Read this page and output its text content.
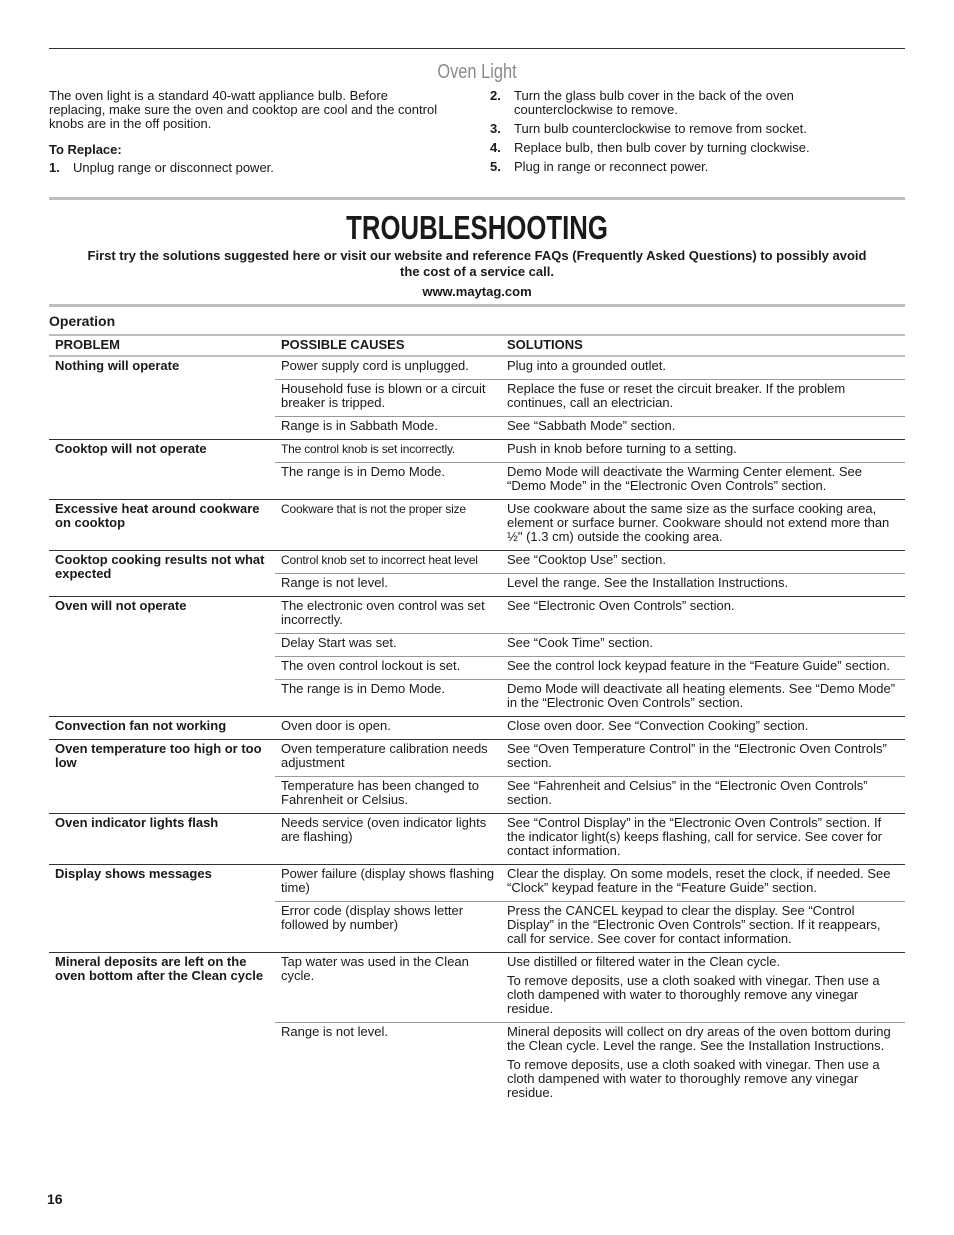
Oven Light

The oven light is a standard 40-watt appliance bulb. Before replacing, make sure the oven and cooktop are cool and the control knobs are in the off position.

To Replace:

1. Unplug range or disconnect power.

2. Turn the glass bulb cover in the back of the oven counterclockwise to remove.

3. Turn bulb counterclockwise to remove from socket.

4. Replace bulb, then bulb cover by turning clockwise.

5. Plug in range or reconnect power.

TROUBLESHOOTING
First try the solutions suggested here or visit our website and reference FAQs (Frequently Asked Questions) to possibly avoid the cost of a service call.
www.maytag.com
Operation
PROBLEM	POSSIBLE CAUSES	SOLUTIONS
Nothing will operate	Power supply cord is unplugged.	Plug into a grounded outlet.

	Household fuse is blown or a circuit breaker is tripped.	Replace the fuse or reset the circuit breaker. If the problem continues, call an electrician.

	Range is in Sabbath Mode.	See “Sabbath Mode” section.

Cooktop will not operate	The control knob is set incorrectly.	Push in knob before turning to a setting.

	The range is in Demo Mode.	Demo Mode will deactivate the Warming Center element. See “Demo Mode” in the “Electronic Oven Controls” section.

Excessive heat around cookware on cooktop	Cookware that is not the proper size	Use cookware about the same size as the surface cooking area, element or surface burner. Cookware should not extend more than ½" (1.3 cm) outside the cooking area.

Cooktop cooking results not what expected	Control knob set to incorrect heat level	See “Cooktop Use” section.

	Range is not level.	Level the range. See the Installation Instructions.

Oven will not operate	The electronic oven control was set incorrectly.	See “Electronic Oven Controls” section.

	Delay Start was set.	See “Cook Time” section.

	The oven control lockout is set.	See the control lock keypad feature in the “Feature Guide” section.

	The range is in Demo Mode.	Demo Mode will deactivate all heating elements. See “Demo Mode” in the “Electronic Oven Controls” section.

Convection fan not working	Oven door is open.	Close oven door. See “Convection Cooking” section.

Oven temperature too high or too low	Oven temperature calibration needs adjustment	See “Oven Temperature Control” in the “Electronic Oven Controls” section.

	Temperature has been changed to Fahrenheit or Celsius.	See “Fahrenheit and Celsius” in the “Electronic Oven Controls” section.

Oven indicator lights flash	Needs service (oven indicator lights are flashing)	See “Control Display” in the “Electronic Oven Controls” section. If the indicator light(s) keeps flashing, call for service. See cover for contact information.

Display shows messages	Power failure (display shows flashing time)	Clear the display. On some models, reset the clock, if needed. See “Clock” keypad feature in the “Feature Guide” section.

	Error code (display shows letter followed by number)	Press the CANCEL keypad to clear the display. See “Control Display” in the “Electronic Oven Controls” section. If it reappears, call for service. See cover for contact information.

Mineral deposits are left on the oven bottom after the Clean cycle	Tap water was used in the Clean cycle.	Use distilled or filtered water in the Clean cycle.

To remove deposits, use a cloth soaked with vinegar. Then use a cloth dampened with water to thoroughly remove any vinegar residue.

	Range is not level.	Mineral deposits will collect on dry areas of the oven bottom during the Clean cycle. Level the range. See the Installation Instructions.

To remove deposits, use a cloth soaked with vinegar. Then use a cloth dampened with water to thoroughly remove any vinegar residue.

16
